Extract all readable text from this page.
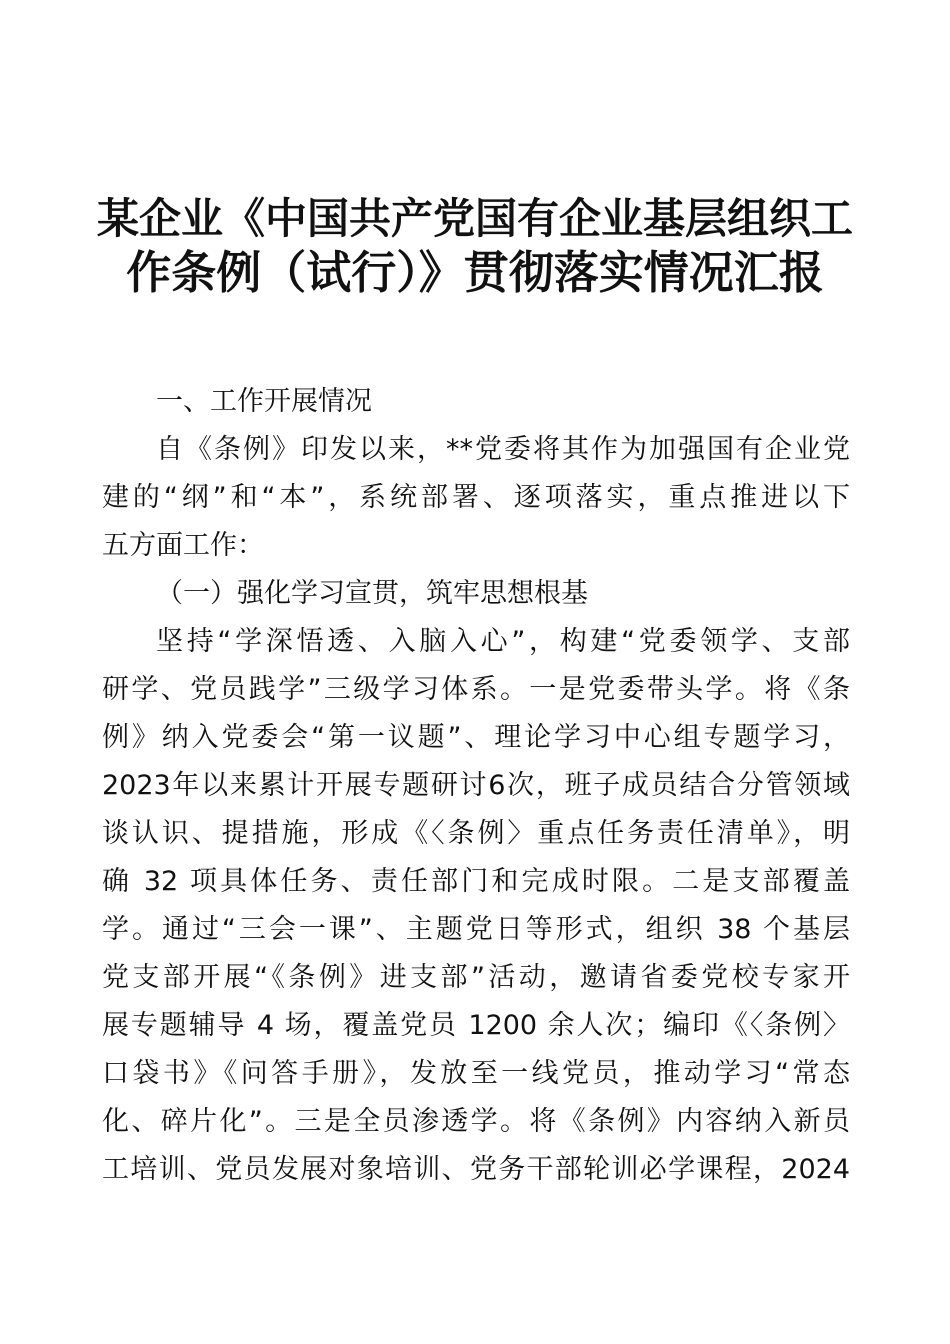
某企业《中国共产党国有企业基层组织工
作条例（试行）》贯彻落实情况汇报
一、工作开展情况
自《条例》印发以来，**党委将其作为加强国有企业党
建的“纲”和“本”，系统部署、逐项落实，重点推进以下
五方面工作：
（一）强化学习宣贯，筑牢思想根基
坚持“学深悟透、入脑入心”，构建“党委领学、支部
研学、党员践学”三级学习体系。一是党委带头学。将《条
例》纳入党委会“第一议题”、理论学习中心组专题学习，
2023年以来累计开展专题研讨6次，班子成员结合分管领域
谈认识、提措施，形成《〈条例〉重点任务责任清单》，明
确 32 项具体任务、责任部门和完成时限。二是支部覆盖
学。通过“三会一课”、主题党日等形式，组织 38 个基层
党支部开展“《条例》进支部”活动，邀请省委党校专家开
展专题辅导 4 场，覆盖党员 1200 余人次；编印《〈条例〉
口袋书》《问答手册》，发放至一线党员，推动学习“常态
化、碎片化”。三是全员渗透学。将《条例》内容纳入新员
工培训、党员发展对象培训、党务干部轮训必学课程，2024
